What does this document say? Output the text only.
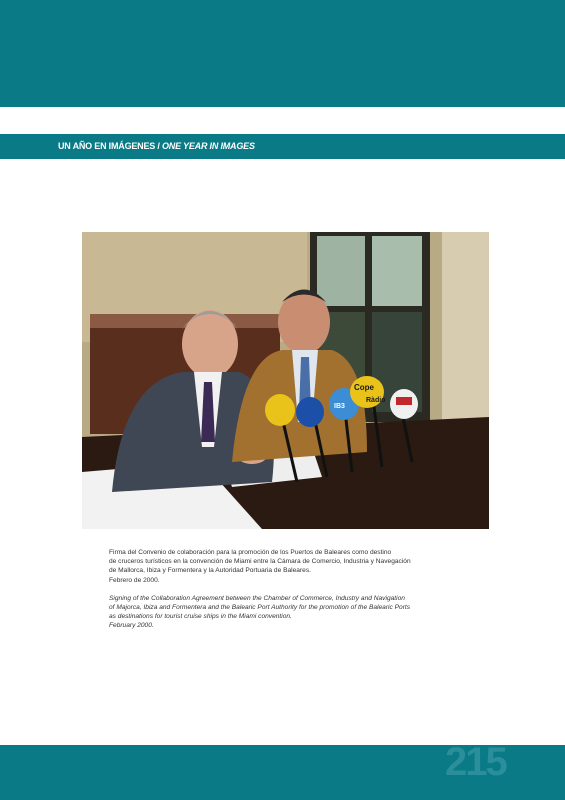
UN AÑO EN IMÁGENES / ONE YEAR IN IMAGES
Cope
IB3
Ràdio

Firma del Convenio de colaboración para la promoción de los Puertos de Baleares como destino
de cruceros turísticos en la convención de Miami entre la Cámara de Comercio, Industria y Navegación
de Mallorca, Ibiza y Formentera y la Autoridad Portuaria de Baleares.
Febrero de 2000.

Signing of the Collaboration Agreement between the Chamber of Commerce, Industry and Navigation
of Majorca, Ibiza and Formentera and the Balearic Port Authority for the promotion of the Balearic Ports
as destinations for tourist cruise ships in the Miami convention.
February 2000.

215
